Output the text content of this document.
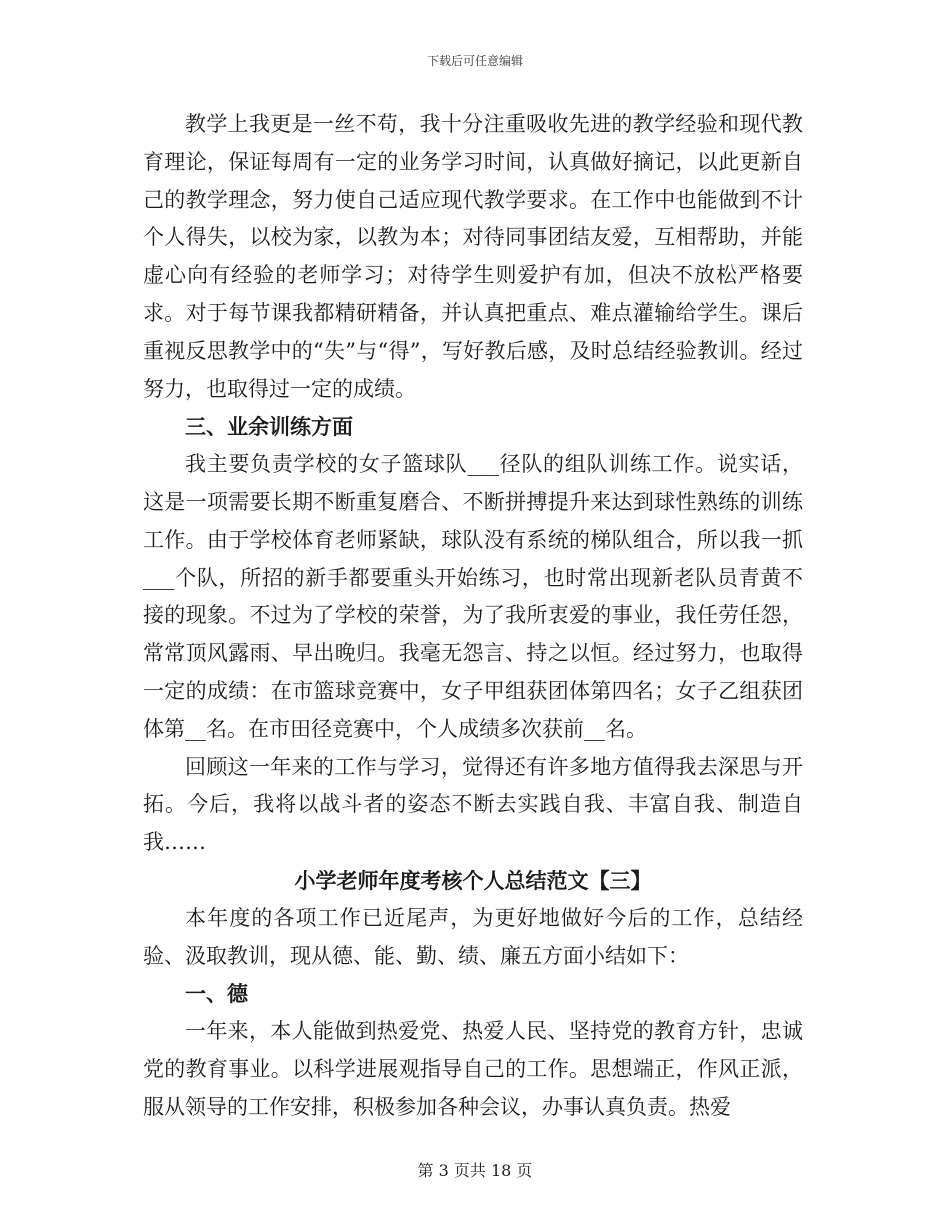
下载后可任意编辑

教学上我更是一丝不苟，我十分注重吸收先进的教学经验和现代教育理论，保证每周有一定的业务学习时间，认真做好摘记，以此更新自己的教学理念，努力使自己适应现代教学要求。在工作中也能做到不计个人得失，以校为家，以教为本；对待同事团结友爱，互相帮助，并能虚心向有经验的老师学习；对待学生则爱护有加，但决不放松严格要求。对于每节课我都精研精备，并认真把重点、难点灌输给学生。课后重视反思教学中的“失”与“得”，写好教后感，及时总结经验教训。经过努力，也取得过一定的成绩。

三、业余训练方面

我主要负责学校的女子篮球队___径队的组队训练工作。说实话，这是一项需要长期不断重复磨合、不断拼搏提升来达到球性熟练的训练工作。由于学校体育老师紧缺，球队没有系统的梯队组合，所以我一抓___个队，所招的新手都要重头开始练习，也时常出现新老队员青黄不接的现象。不过为了学校的荣誉，为了我所衷爱的事业，我任劳任怨，常常顶风露雨、早出晚归。我毫无怨言、持之以恒。经过努力，也取得一定的成绩：在市篮球竞赛中，女子甲组获团体第四名；女子乙组获团体第__名。在市田径竞赛中，个人成绩多次获前__名。

回顾这一年来的工作与学习，觉得还有许多地方值得我去深思与开拓。今后，我将以战斗者的姿态不断去实践自我、丰富自我、制造自我……

小学老师年度考核个人总结范文【三】

本年度的各项工作已近尾声，为更好地做好今后的工作，总结经验、汲取教训，现从德、能、勤、绩、廉五方面小结如下：

一、德

一年来，本人能做到热爱党、热爱人民、坚持党的教育方针，忠诚党的教育事业。以科学进展观指导自己的工作。思想端正，作风正派，服从领导的工作安排，积极参加各种会议，办事认真负责。热爱

第 3 页共 18 页
